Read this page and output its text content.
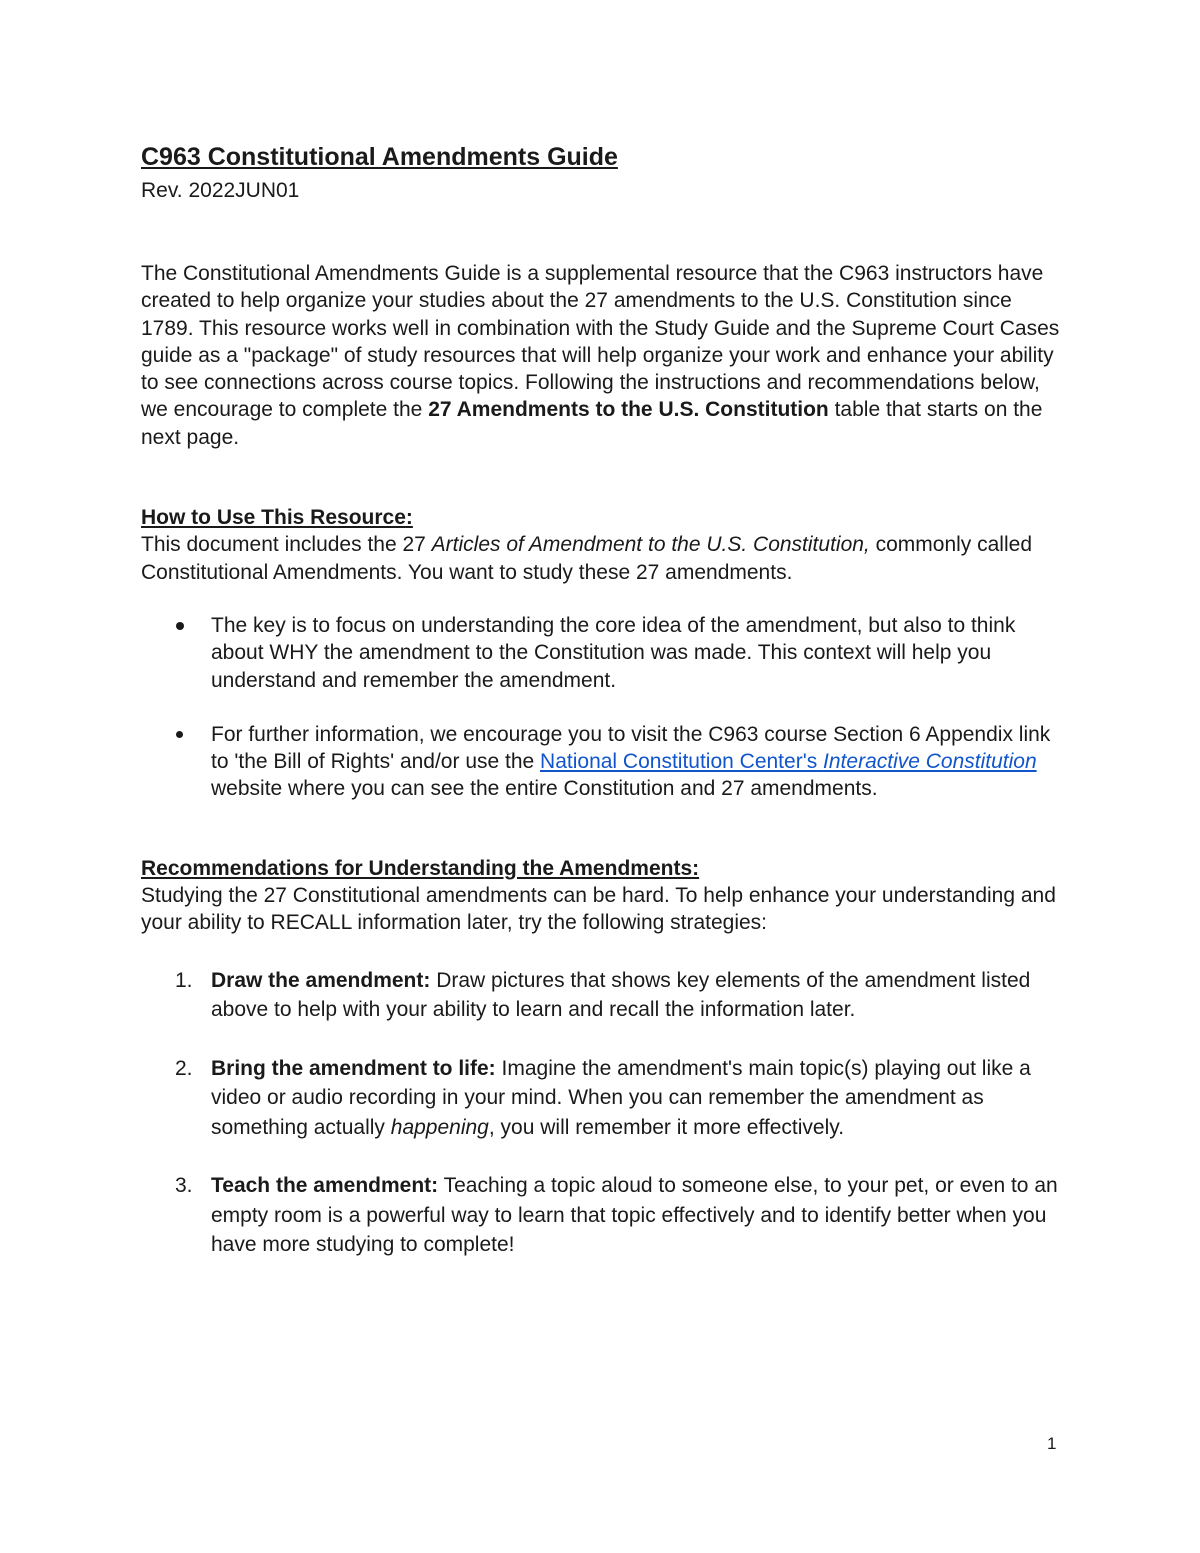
C963 Constitutional Amendments Guide

Rev. 2022JUN01

The Constitutional Amendments Guide is a supplemental resource that the C963 instructors have created to help organize your studies about the 27 amendments to the U.S. Constitution since 1789. This resource works well in combination with the Study Guide and the Supreme Court Cases guide as a "package" of study resources that will help organize your work and enhance your ability to see connections across course topics. Following the instructions and recommendations below, we encourage to complete the 27 Amendments to the U.S. Constitution table that starts on the next page.

How to Use This Resource:

This document includes the 27 Articles of Amendment to the U.S. Constitution, commonly called Constitutional Amendments. You want to study these 27 amendments.

The key is to focus on understanding the core idea of the amendment, but also to think about WHY the amendment to the Constitution was made. This context will help you understand and remember the amendment.
For further information, we encourage you to visit the C963 course Section 6 Appendix link to 'the Bill of Rights' and/or use the National Constitution Center's Interactive Constitution website where you can see the entire Constitution and 27 amendments.

Recommendations for Understanding the Amendments:

Studying the 27 Constitutional amendments can be hard. To help enhance your understanding and your ability to RECALL information later, try the following strategies:

1. Draw the amendment: Draw pictures that shows key elements of the amendment listed above to help with your ability to learn and recall the information later.
2. Bring the amendment to life: Imagine the amendment's main topic(s) playing out like a video or audio recording in your mind. When you can remember the amendment as something actually happening, you will remember it more effectively.
3. Teach the amendment: Teaching a topic aloud to someone else, to your pet, or even to an empty room is a powerful way to learn that topic effectively and to identify better when you have more studying to complete!
1
